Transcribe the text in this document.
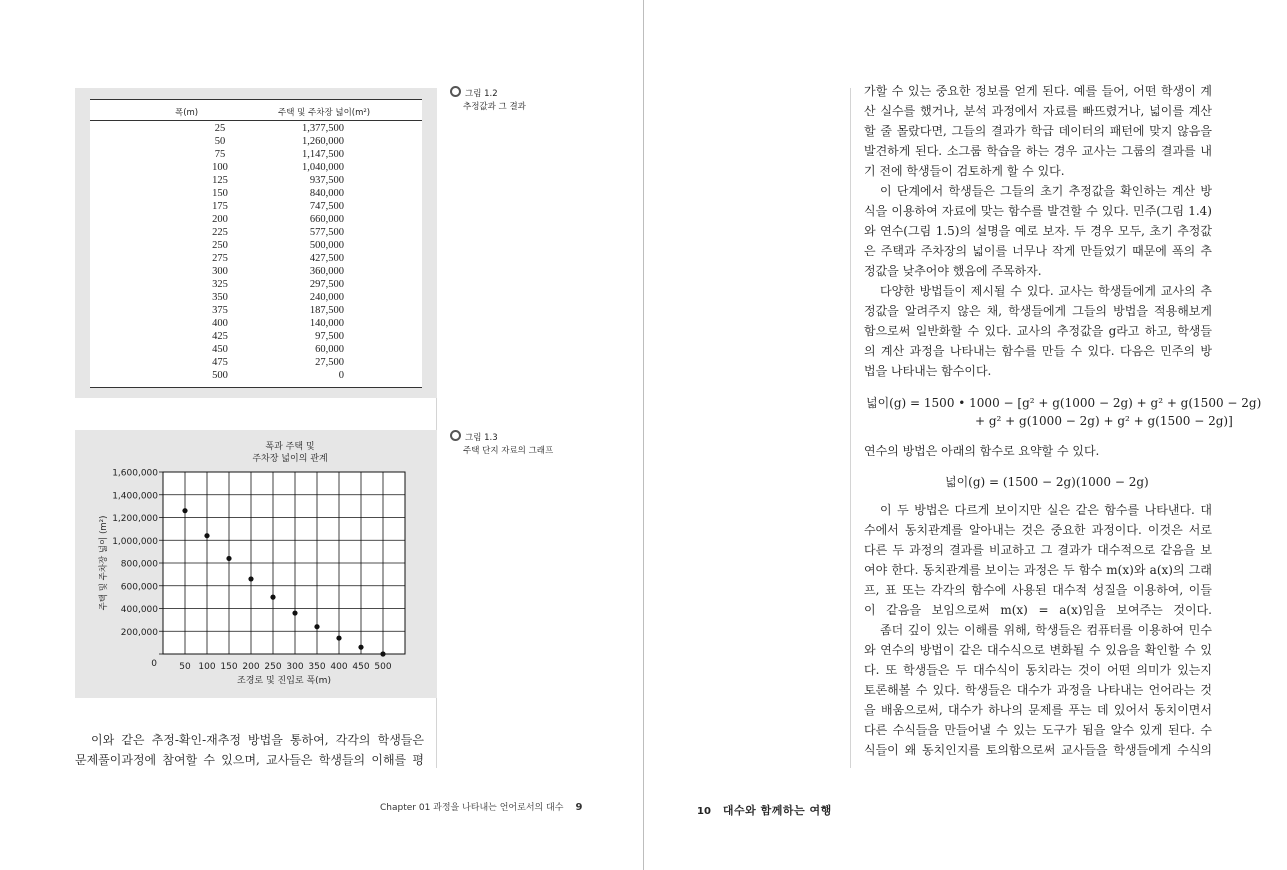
폭(m)	주택 및 주차장 넓이(m²)
25	1,377,500
50	1,260,000
75	1,147,500
100	1,040,000
125	937,500
150	840,000
175	747,500
200	660,000
225	577,500
250	500,000
275	427,500
300	360,000
325	297,500
350	240,000
375	187,500
400	140,000
425	97,500
450	60,000
475	27,500
500	0
그림 1.2
추정값과 그 결과
폭과 주택 및
주차장 넓이의 관계
1,600,000
1,400,000
1,200,000
1,000,000
800,000
600,000
400,000
200,000
0 50 100 150 200 250 300 350 400 450 500
조경로 및 진입로 폭(m)
주택 및 주차장 넓이 (m²)
그림 1.3
주택 단지 자료의 그래프
이와 같은 추정-확인-재추정 방법을 통하여, 각각의 학생들은
문제풀이과정에 참여할 수 있으며, 교사들은 학생들의 이해를 평
가할 수 있는 중요한 정보를 얻게 된다. 예를 들어, 어떤 학생이 계
산 실수를 했거나, 분석 과정에서 자료를 빠뜨렸거나, 넓이를 계산
할 줄 몰랐다면, 그들의 결과가 학급 데이터의 패턴에 맞지 않음을
발견하게 된다. 소그룹 학습을 하는 경우 교사는 그룹의 결과를 내
기 전에 학생들이 검토하게 할 수 있다.
이 단계에서 학생들은 그들의 초기 추정값을 확인하는 계산 방
식을 이용하여 자료에 맞는 함수를 발견할 수 있다. 민주(그림 1.4)
와 연수(그림 1.5)의 설명을 예로 보자. 두 경우 모두, 초기 추정값
은 주택과 주차장의 넓이를 너무나 작게 만들었기 때문에 폭의 추
정값을 낮추어야 했음에 주목하자.
다양한 방법들이 제시될 수 있다. 교사는 학생들에게 교사의 추
정값을 알려주지 않은 채, 학생들에게 그들의 방법을 적용해보게
함으로써 일반화할 수 있다. 교사의 추정값을 g라고 하고, 학생들
의 계산 과정을 나타내는 함수를 만들 수 있다. 다음은 민주의 방
법을 나타내는 함수이다.
넓이(g) = 1500 • 1000 − [g² + g(1000 − 2g) + g² + g(1500 − 2g)
+ g² + g(1000 − 2g) + g² + g(1500 − 2g)]
연수의 방법은 아래의 함수로 요약할 수 있다.
넓이(g) = (1500 − 2g)(1000 − 2g)
이 두 방법은 다르게 보이지만 실은 같은 함수를 나타낸다. 대
수에서 동치관계를 알아내는 것은 중요한 과정이다. 이것은 서로
다른 두 과정의 결과를 비교하고 그 결과가 대수적으로 같음을 보
여야 한다. 동치관계를 보이는 과정은 두 함수 m(x)와 a(x)의 그래
프, 표 또는 각각의 함수에 사용된 대수적 성질을 이용하여, 이들
이 같음을 보임으로써 m(x) = a(x)임을 보여주는 것이다.
좀더 깊이 있는 이해를 위해, 학생들은 컴퓨터를 이용하여 민수
와 연수의 방법이 같은 대수식으로 변화될 수 있음을 확인할 수 있
다. 또 학생들은 두 대수식이 동치라는 것이 어떤 의미가 있는지
토론해볼 수 있다. 학생들은 대수가 과정을 나타내는 언어라는 것
을 배움으로써, 대수가 하나의 문제를 푸는 데 있어서 동치이면서
다른 수식들을 만들어낼 수 있는 도구가 됨을 알수 있게 된다. 수
식들이 왜 동치인지를 토의함으로써 교사들을 학생들에게 수식의
Chapter 01 과정을 나타내는 언어로서의 대수 9	10 대수와 함께하는 여행
